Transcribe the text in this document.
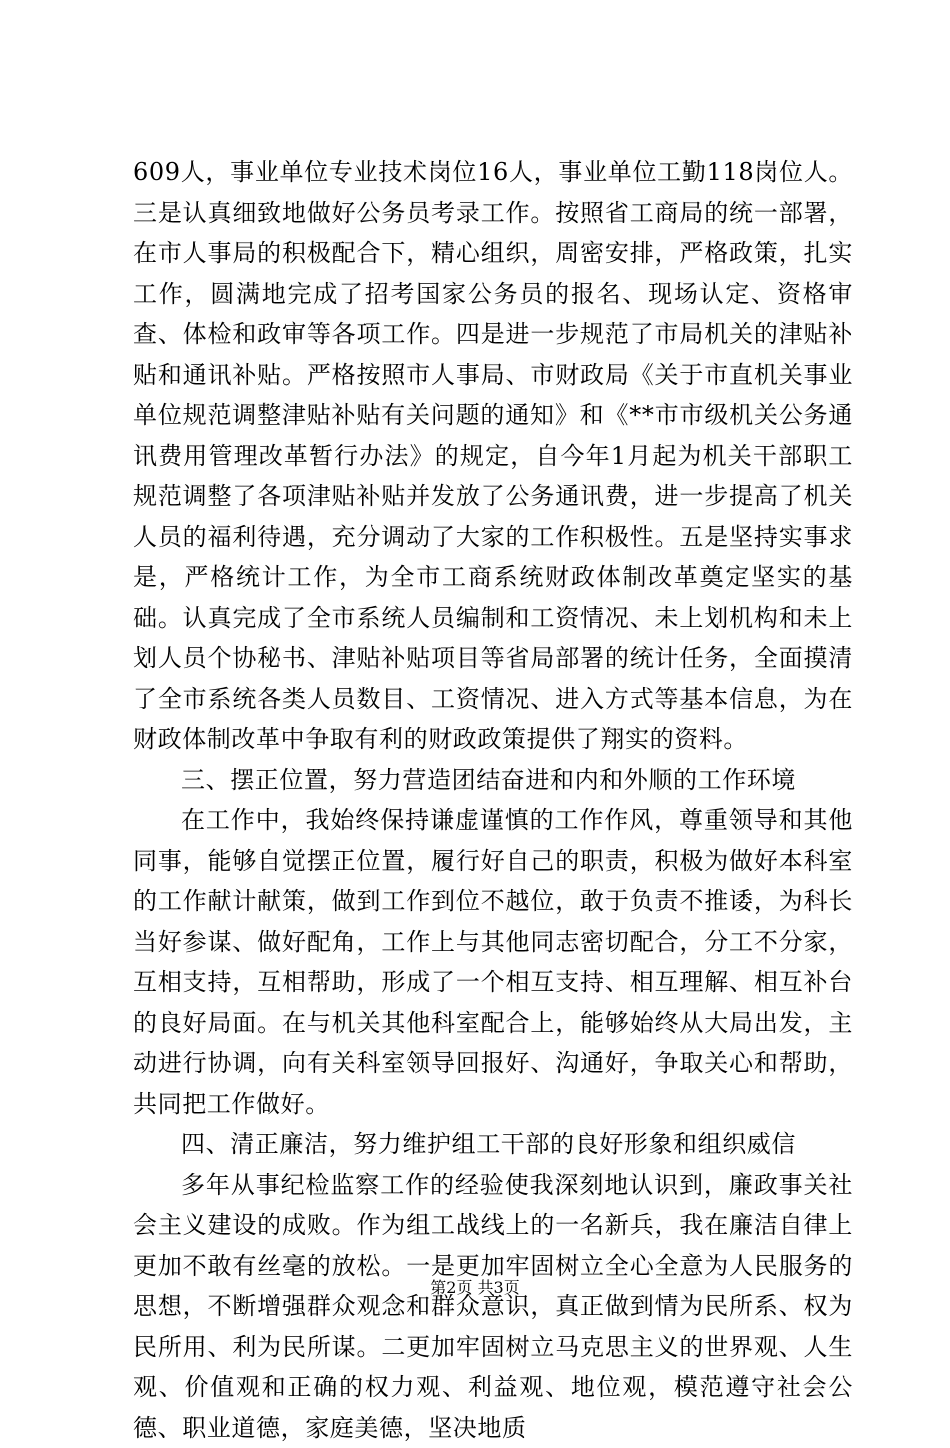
609人，事业单位专业技术岗位16人，事业单位工勤118岗位人。三是认真细致地做好公务员考录工作。按照省工商局的统一部署，在市人事局的积极配合下，精心组织，周密安排，严格政策，扎实工作，圆满地完成了招考国家公务员的报名、现场认定、资格审查、体检和政审等各项工作。四是进一步规范了市局机关的津贴补贴和通讯补贴。严格按照市人事局、市财政局《关于市直机关事业单位规范调整津贴补贴有关问题的通知》和《**市市级机关公务通讯费用管理改革暂行办法》的规定，自今年1月起为机关干部职工规范调整了各项津贴补贴并发放了公务通讯费，进一步提高了机关人员的福利待遇，充分调动了大家的工作积极性。五是坚持实事求是，严格统计工作，为全市工商系统财政体制改革奠定坚实的基础。认真完成了全市系统人员编制和工资情况、未上划机构和未上划人员个协秘书、津贴补贴项目等省局部署的统计任务，全面摸清了全市系统各类人员数目、工资情况、进入方式等基本信息，为在财政体制改革中争取有利的财政政策提供了翔实的资料。

三、摆正位置，努力营造团结奋进和内和外顺的工作环境

在工作中，我始终保持谦虚谨慎的工作作风，尊重领导和其他同事，能够自觉摆正位置，履行好自己的职责，积极为做好本科室的工作献计献策，做到工作到位不越位，敢于负责不推诿，为科长当好参谋、做好配角，工作上与其他同志密切配合，分工不分家，互相支持，互相帮助，形成了一个相互支持、相互理解、相互补台的良好局面。在与机关其他科室配合上，能够始终从大局出发，主动进行协调，向有关科室领导回报好、沟通好，争取关心和帮助，共同把工作做好。

四、清正廉洁，努力维护组工干部的良好形象和组织威信

多年从事纪检监察工作的经验使我深刻地认识到，廉政事关社会主义建设的成败。作为组工战线上的一名新兵，我在廉洁自律上更加不敢有丝毫的放松。一是更加牢固树立全心全意为人民服务的思想，不断增强群众观念和群众意识，真正做到情为民所系、权为民所用、利为民所谋。二更加牢固树立马克思主义的世界观、人生观、价值观和正确的权力观、利益观、地位观，模范遵守社会公德、职业道德，家庭美德，坚决地质

第2页 共3页
